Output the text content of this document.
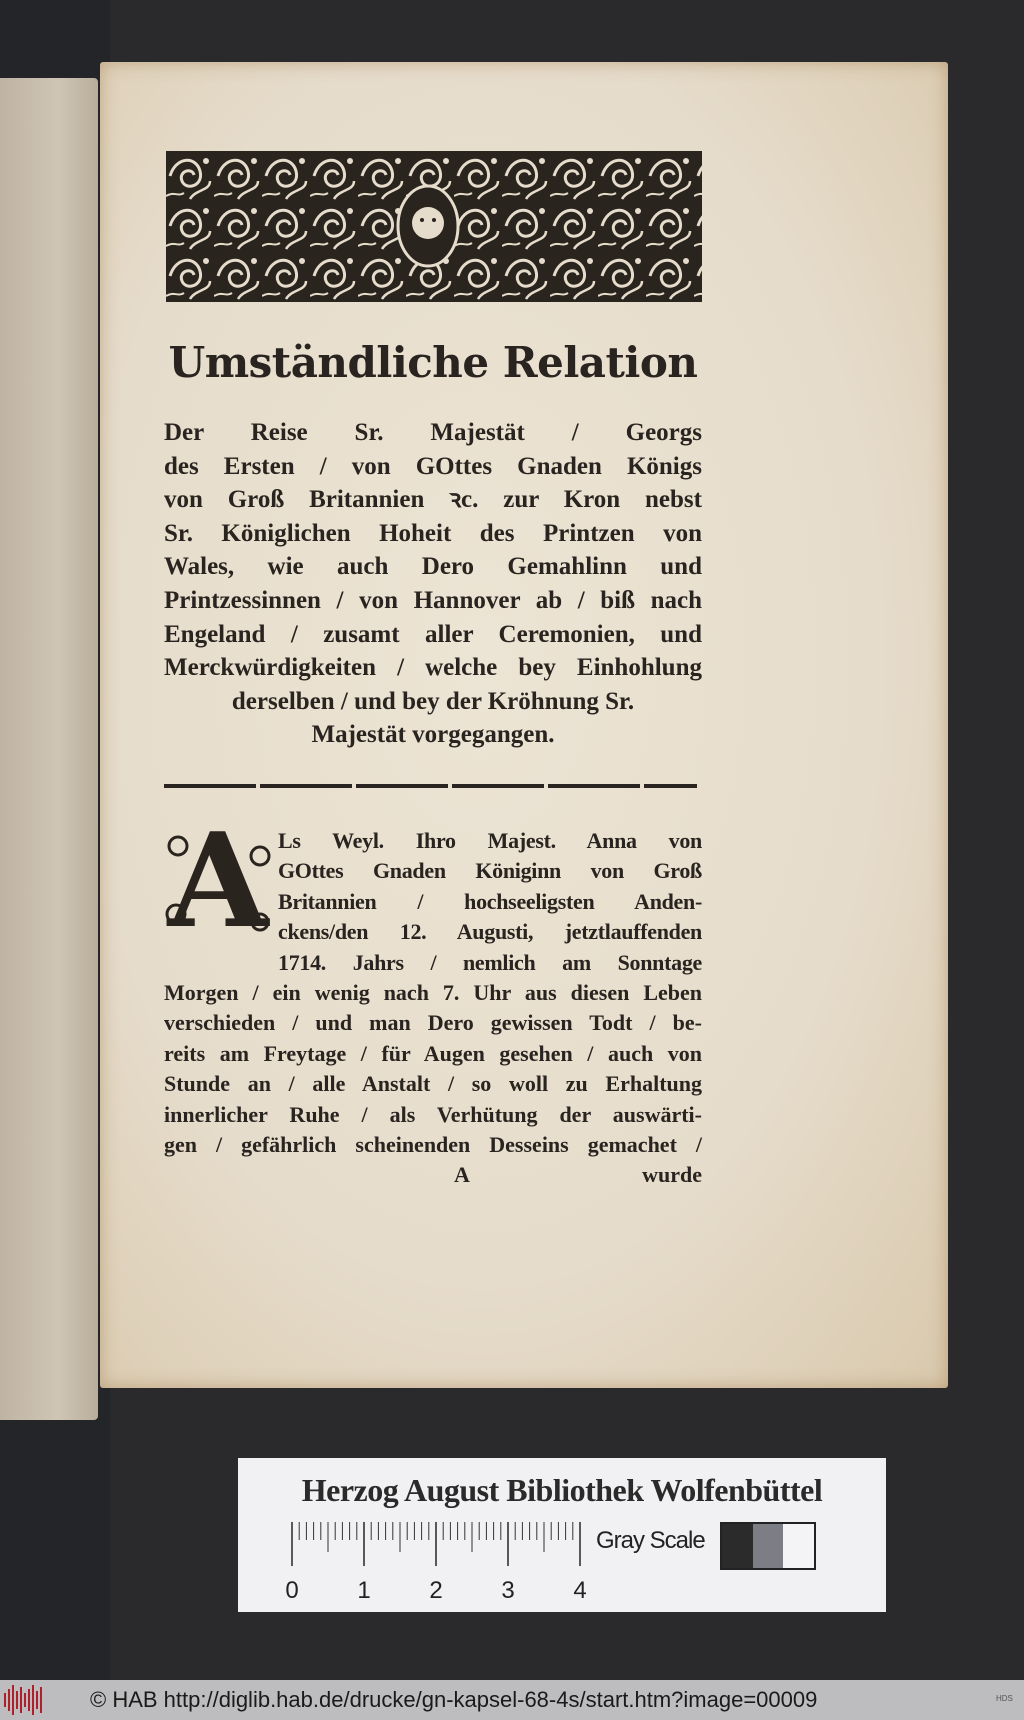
Umständliche Relation
Der Reise Sr. Majestät / Georgs
des Ersten / von GOttes Gnaden Königs
von Groß Britannien ꝛc. zur Kron nebst
Sr. Königlichen Hoheit des Printzen von
Wales, wie auch Dero Gemahlinn und
Printzessinnen / von Hannover ab / biß nach
Engeland / zusamt aller Ceremonien, und
Merckwürdigkeiten / welche bey Einhohlung
derselben / und bey der Kröhnung Sr.
Majestät vorgegangen.
A Ls Weyl. Ihro Majest. Anna von
GOttes Gnaden Königinn von Groß
Britannien / hochseeligsten Anden-
ckens/den 12. Augusti, jetztlauffenden
1714. Jahrs / nemlich am Sonntage
Morgen / ein wenig nach 7. Uhr aus diesen Leben
verschieden / und man Dero gewissen Todt / be-
reits am Freytage / für Augen gesehen / auch von
Stunde an / alle Anstalt / so woll zu Erhaltung
innerlicher Ruhe / als Verhütung der auswärti-
gen / gefährlich scheinenden Desseins gemachet /
A	wurde
Herzog August Bibliothek Wolfenbüttel
0 1 2 3 4
Gray Scale
© HAB http://diglib.hab.de/drucke/gn-kapsel-68-4s/start.htm?image=00009	HDS
